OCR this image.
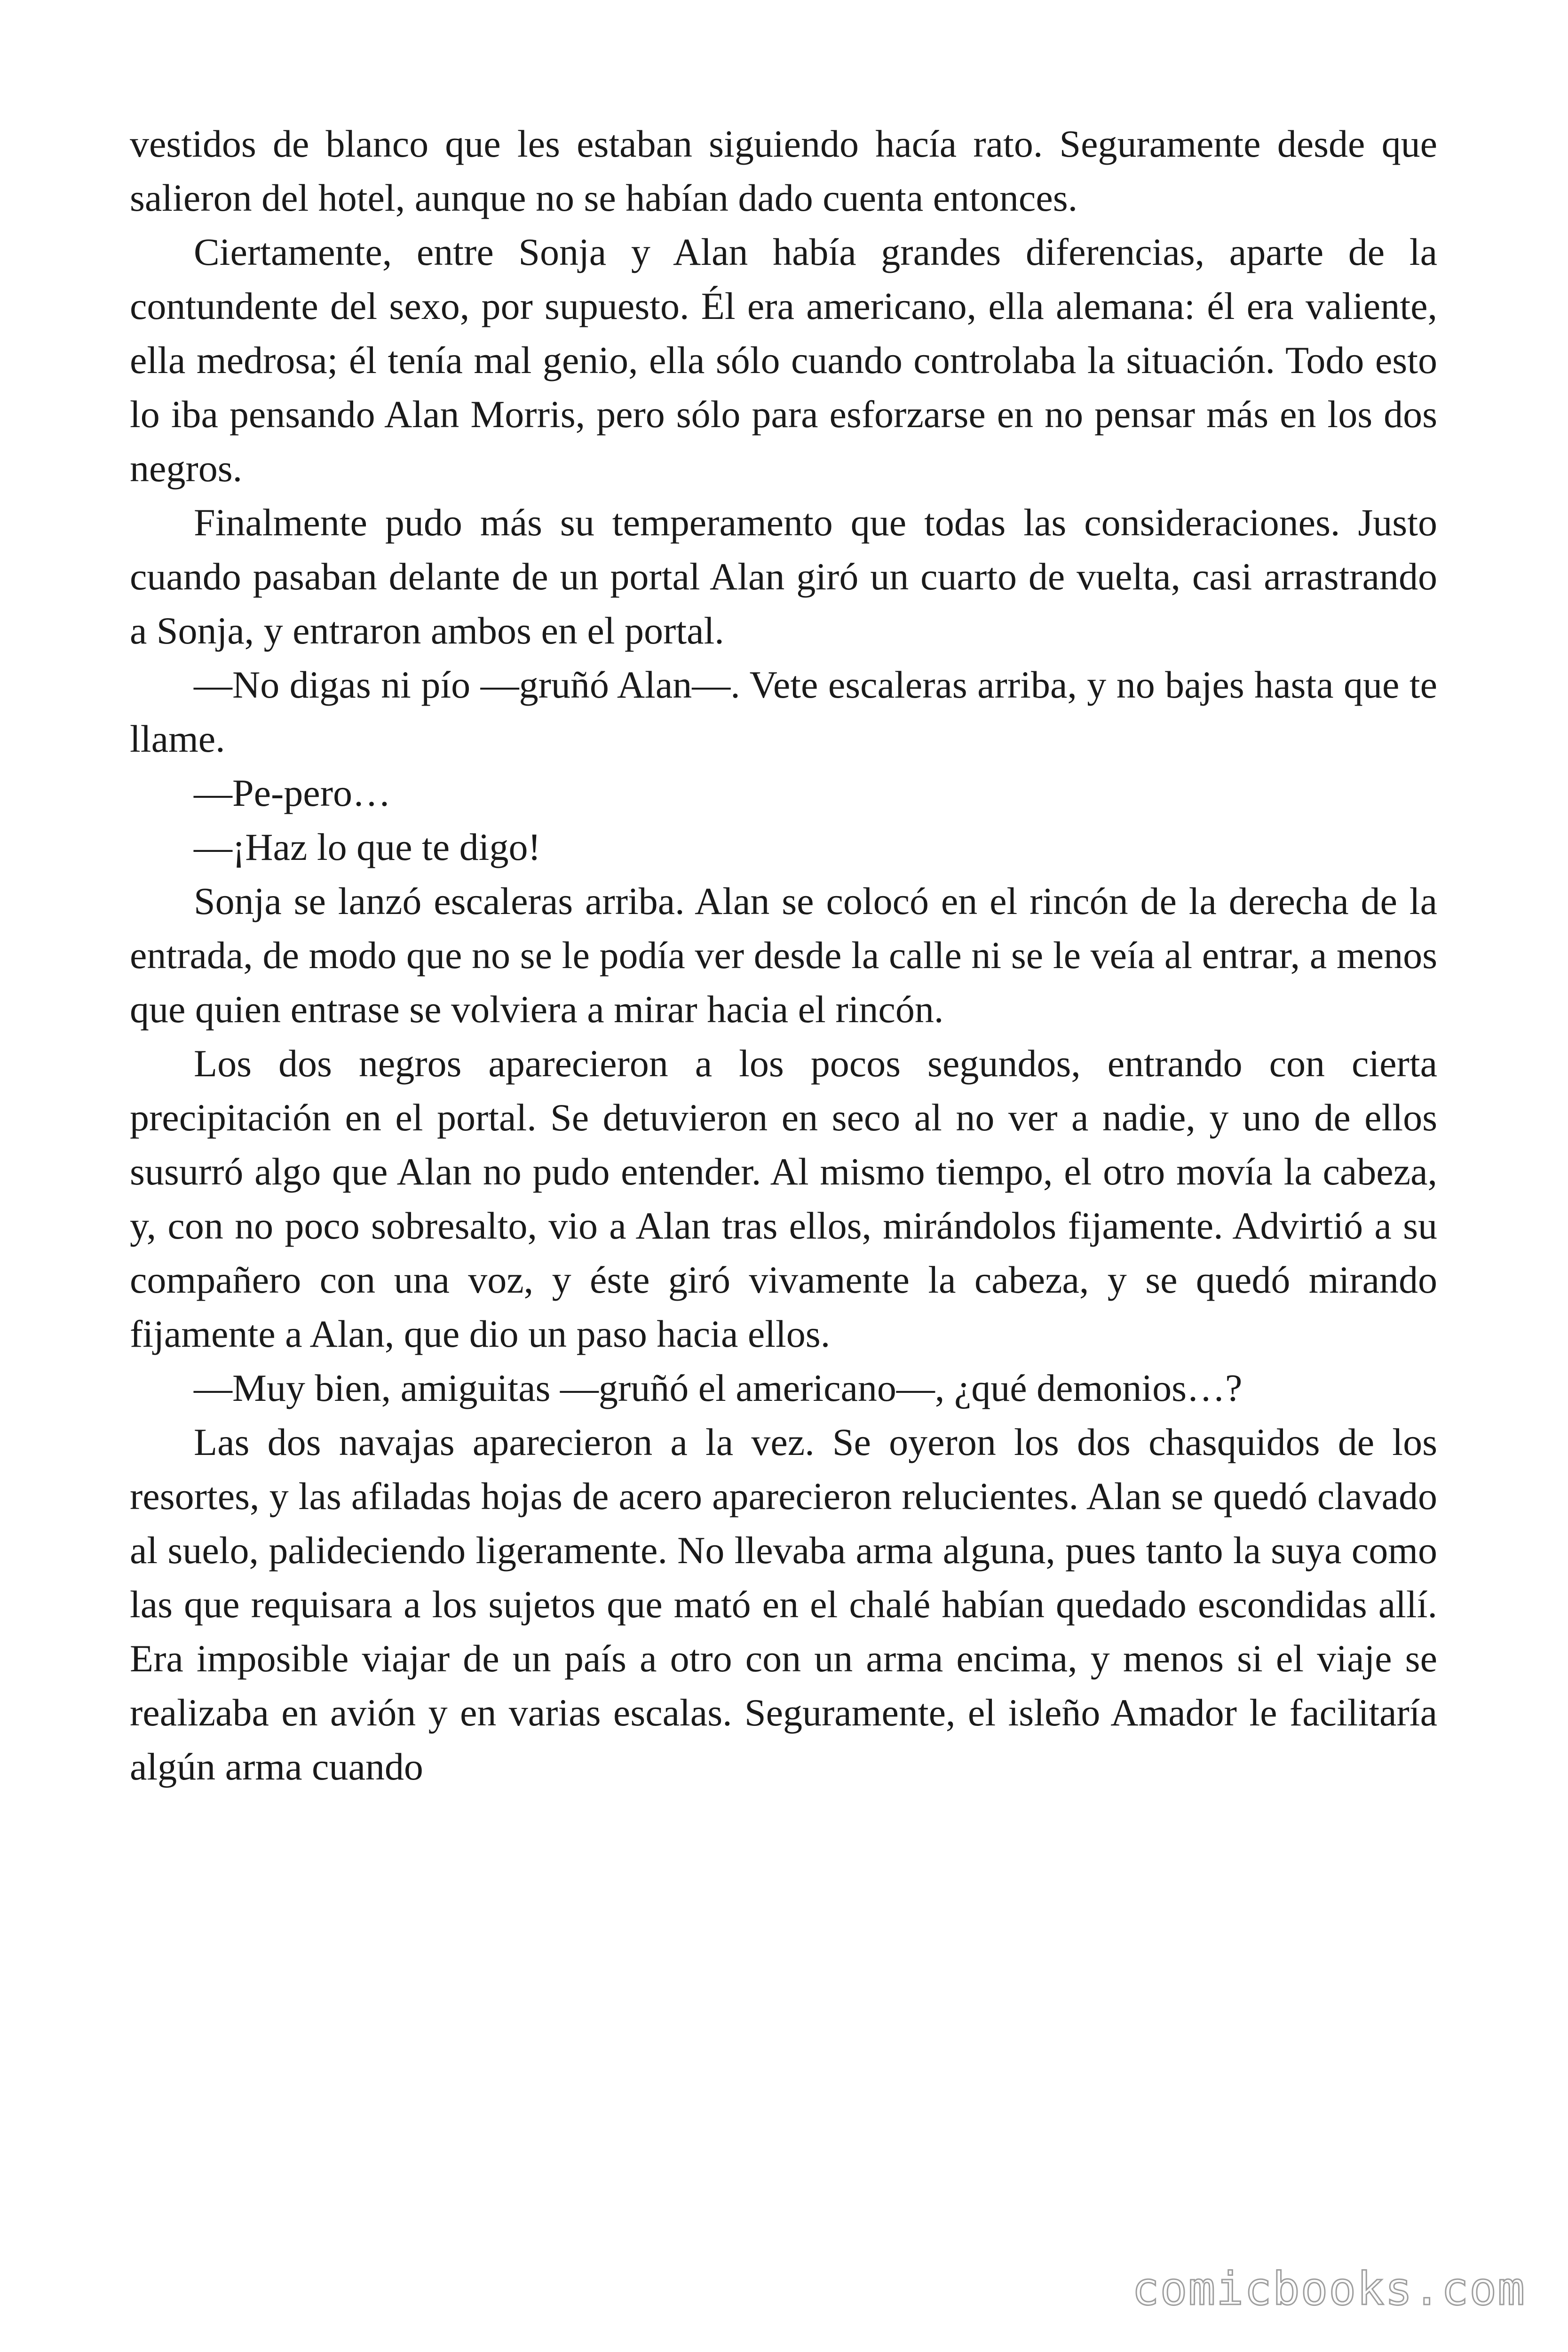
vestidos de blanco que les estaban siguiendo hacía rato. Seguramente desde que salieron del hotel, aunque no se habían dado cuenta entonces.

Ciertamente, entre Sonja y Alan había grandes diferencias, aparte de la contundente del sexo, por supuesto. Él era americano, ella alemana: él era valiente, ella medrosa; él tenía mal genio, ella sólo cuando controlaba la situación. Todo esto lo iba pensando Alan Morris, pero sólo para esforzarse en no pensar más en los dos negros.

Finalmente pudo más su temperamento que todas las consideraciones. Justo cuando pasaban delante de un portal Alan giró un cuarto de vuelta, casi arrastrando a Sonja, y entraron ambos en el portal.

—No digas ni pío —gruñó Alan—. Vete escaleras arriba, y no bajes hasta que te llame.

—Pe-pero…

—¡Haz lo que te digo!

Sonja se lanzó escaleras arriba. Alan se colocó en el rincón de la derecha de la entrada, de modo que no se le podía ver desde la calle ni se le veía al entrar, a menos que quien entrase se volviera a mirar hacia el rincón.

Los dos negros aparecieron a los pocos segundos, entrando con cierta precipitación en el portal. Se detuvieron en seco al no ver a nadie, y uno de ellos susurró algo que Alan no pudo entender. Al mismo tiempo, el otro movía la cabeza, y, con no poco sobresalto, vio a Alan tras ellos, mirándolos fijamente. Advirtió a su compañero con una voz, y éste giró vivamente la cabeza, y se quedó mirando fijamente a Alan, que dio un paso hacia ellos.

—Muy bien, amiguitas —gruñó el americano—, ¿qué demonios…?

Las dos navajas aparecieron a la vez. Se oyeron los dos chasquidos de los resortes, y las afiladas hojas de acero aparecieron relucientes. Alan se quedó clavado al suelo, palideciendo ligeramente. No llevaba arma alguna, pues tanto la suya como las que requisara a los sujetos que mató en el chalé habían quedado escondidas allí. Era imposible viajar de un país a otro con un arma encima, y menos si el viaje se realizaba en avión y en varias escalas. Seguramente, el isleño Amador le facilitaría algún arma cuando

comicbooks.com
